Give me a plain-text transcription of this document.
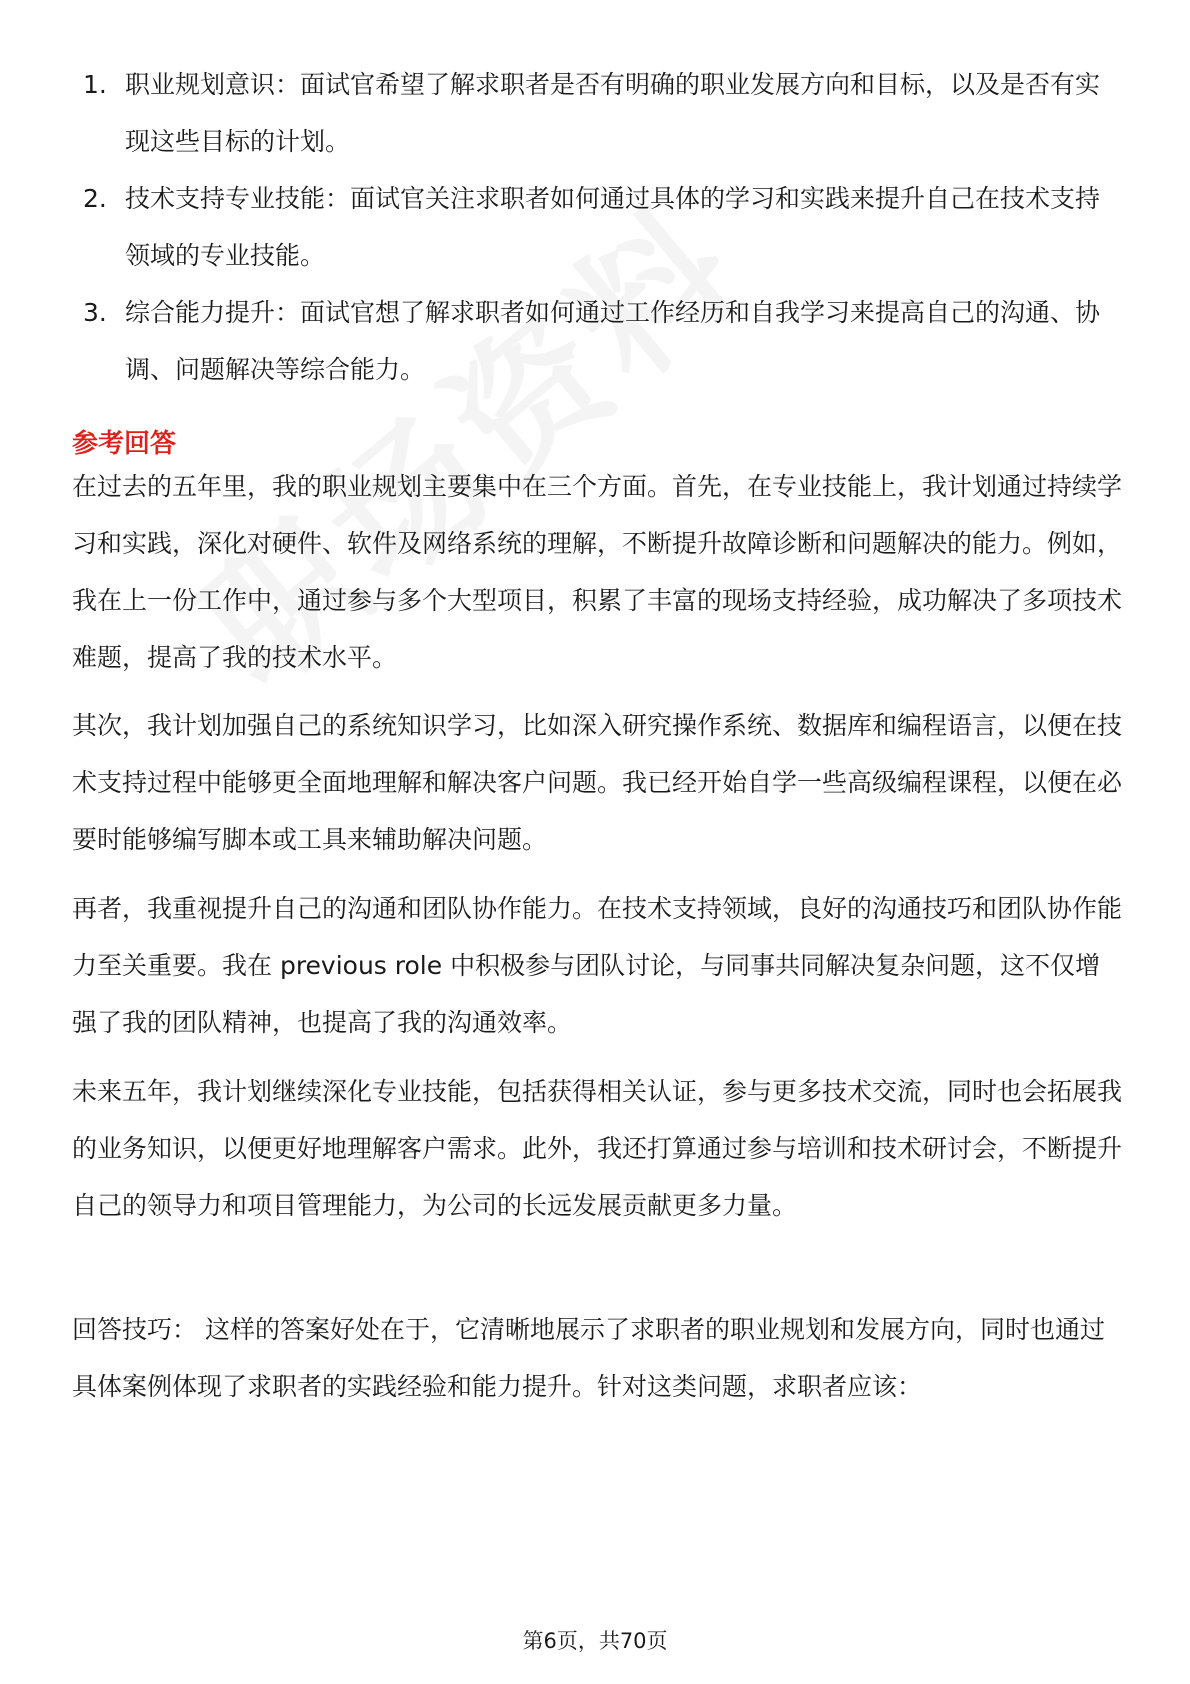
1. 职业规划意识：面试官希望了解求职者是否有明确的职业发展方向和目标，以及是否有实现这些目标的计划。
2. 技术支持专业技能：面试官关注求职者如何通过具体的学习和实践来提升自己在技术支持领域的专业技能。
3. 综合能力提升：面试官想了解求职者如何通过工作经历和自我学习来提高自己的沟通、协调、问题解决等综合能力。
参考回答

在过去的五年里，我的职业规划主要集中在三个方面。首先，在专业技能上，我计划通过持续学习和实践，深化对硬件、软件及网络系统的理解，不断提升故障诊断和问题解决的能力。例如，我在上一份工作中，通过参与多个大型项目，积累了丰富的现场支持经验，成功解决了多项技术难题，提高了我的技术水平。

其次，我计划加强自己的系统知识学习，比如深入研究操作系统、数据库和编程语言，以便在技术支持过程中能够更全面地理解和解决客户问题。我已经开始自学一些高级编程课程，以便在必要时能够编写脚本或工具来辅助解决问题。

再者，我重视提升自己的沟通和团队协作能力。在技术支持领域，良好的沟通技巧和团队协作能力至关重要。我在 previous role 中积极参与团队讨论，与同事共同解决复杂问题，这不仅增强了我的团队精神，也提高了我的沟通效率。

未来五年，我计划继续深化专业技能，包括获得相关认证，参与更多技术交流，同时也会拓展我的业务知识，以便更好地理解客户需求。此外，我还打算通过参与培训和技术研讨会，不断提升自己的领导力和项目管理能力，为公司的长远发展贡献更多力量。

回答技巧： 这样的答案好处在于，它清晰地展示了求职者的职业规划和发展方向，同时也通过具体案例体现了求职者的实践经验和能力提升。针对这类问题，求职者应该：

第6页，共70页
